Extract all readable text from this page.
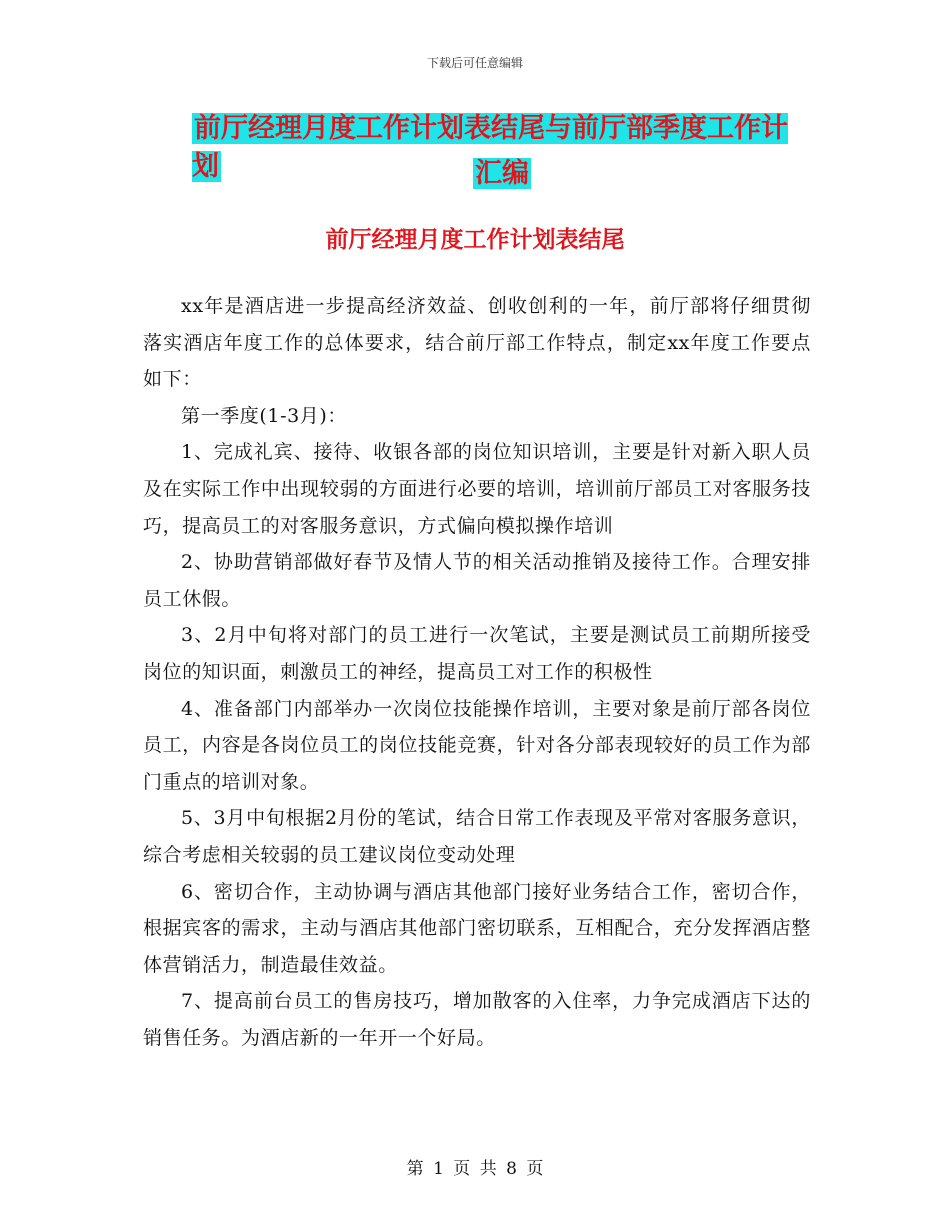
下载后可任意编辑
前厅经理月度工作计划表结尾与前厅部季度工作计划	汇编
前厅经理月度工作计划表结尾

xx年是酒店进一步提高经济效益、创收创利的一年，前厅部将仔细贯彻落实酒店年度工作的总体要求，结合前厅部工作特点，制定xx年度工作要点如下：

第一季度(1-3月)：

1、完成礼宾、接待、收银各部的岗位知识培训，主要是针对新入职人员及在实际工作中出现较弱的方面进行必要的培训，培训前厅部员工对客服务技巧，提高员工的对客服务意识，方式偏向模拟操作培训

2、协助营销部做好春节及情人节的相关活动推销及接待工作。合理安排员工休假。

3、2月中旬将对部门的员工进行一次笔试，主要是测试员工前期所接受岗位的知识面，刺激员工的神经，提高员工对工作的积极性

4、准备部门内部举办一次岗位技能操作培训，主要对象是前厅部各岗位员工，内容是各岗位员工的岗位技能竞赛，针对各分部表现较好的员工作为部门重点的培训对象。

5、3月中旬根据2月份的笔试，结合日常工作表现及平常对客服务意识，综合考虑相关较弱的员工建议岗位变动处理

6、密切合作，主动协调与酒店其他部门接好业务结合工作，密切合作，根据宾客的需求，主动与酒店其他部门密切联系，互相配合，充分发挥酒店整体营销活力，制造最佳效益。

7、提高前台员工的售房技巧，增加散客的入住率，力争完成酒店下达的销售任务。为酒店新的一年开一个好局。

第 1 页 共 8 页
